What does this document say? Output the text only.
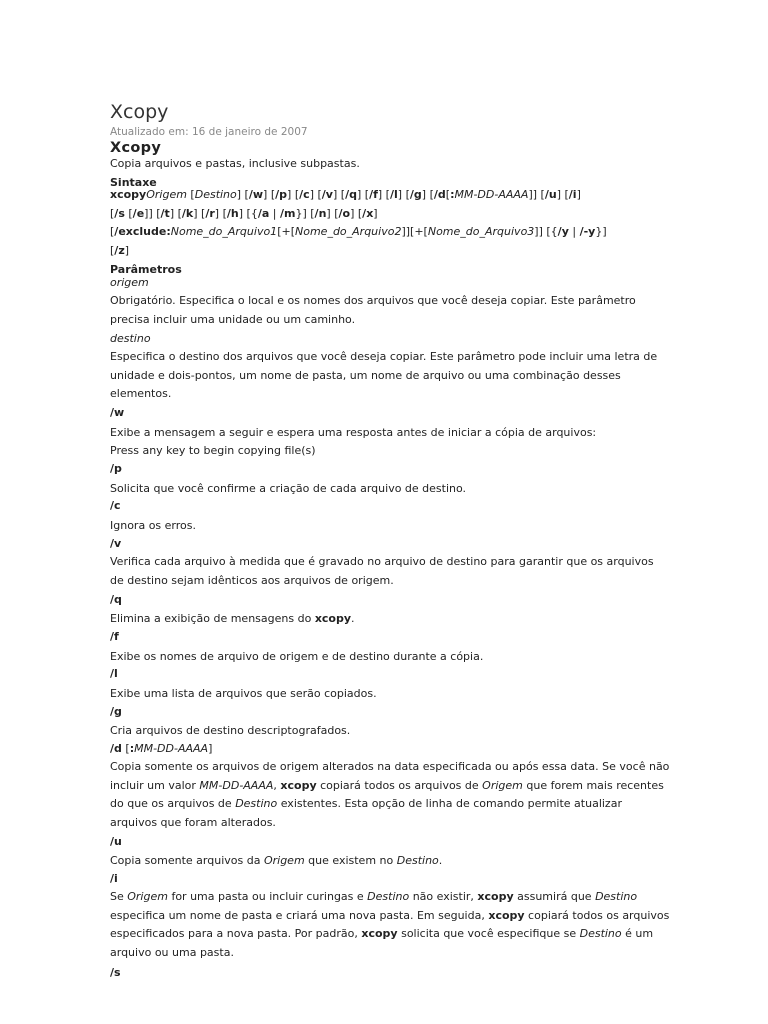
Xcopy
Atualizado em: 16 de janeiro de 2007
Xcopy
Copia arquivos e pastas, inclusive subpastas.
Sintaxe
xcopyOrigem [Destino] [/w] [/p] [/c] [/v] [/q] [/f] [/l] [/g] [/d[:MM-DD-AAAA]] [/u] [/i]
[/s [/e]] [/t] [/k] [/r] [/h] [{/a | /m}] [/n] [/o] [/x]
[/exclude:Nome_do_Arquivo1[+[Nome_do_Arquivo2]][+[Nome_do_Arquivo3]] [{/y | /-y}]
[/z]
Parâmetros
origem
Obrigatório. Especifica o local e os nomes dos arquivos que você deseja copiar. Este parâmetro precisa incluir uma unidade ou um caminho.
destino
Especifica o destino dos arquivos que você deseja copiar. Este parâmetro pode incluir uma letra de unidade e dois-pontos, um nome de pasta, um nome de arquivo ou uma combinação desses elementos.
/w
Exibe a mensagem a seguir e espera uma resposta antes de iniciar a cópia de arquivos:
Press any key to begin copying file(s)
/p
Solicita que você confirme a criação de cada arquivo de destino.
/c
Ignora os erros.
/v
Verifica cada arquivo à medida que é gravado no arquivo de destino para garantir que os arquivos de destino sejam idênticos aos arquivos de origem.
/q
Elimina a exibição de mensagens do xcopy.
/f
Exibe os nomes de arquivo de origem e de destino durante a cópia.
/l
Exibe uma lista de arquivos que serão copiados.
/g
Cria arquivos de destino descriptografados.
/d [:MM-DD-AAAA]
Copia somente os arquivos de origem alterados na data especificada ou após essa data. Se você não incluir um valor MM-DD-AAAA, xcopy copiará todos os arquivos de Origem que forem mais recentes do que os arquivos de Destino existentes. Esta opção de linha de comando permite atualizar arquivos que foram alterados.
/u
Copia somente arquivos da Origem que existem no Destino.
/i
Se Origem for uma pasta ou incluir curingas e Destino não existir, xcopy assumirá que Destino especifica um nome de pasta e criará uma nova pasta. Em seguida, xcopy copiará todos os arquivos especificados para a nova pasta. Por padrão, xcopy solicita que você especifique se Destino é um arquivo ou uma pasta.
/s
